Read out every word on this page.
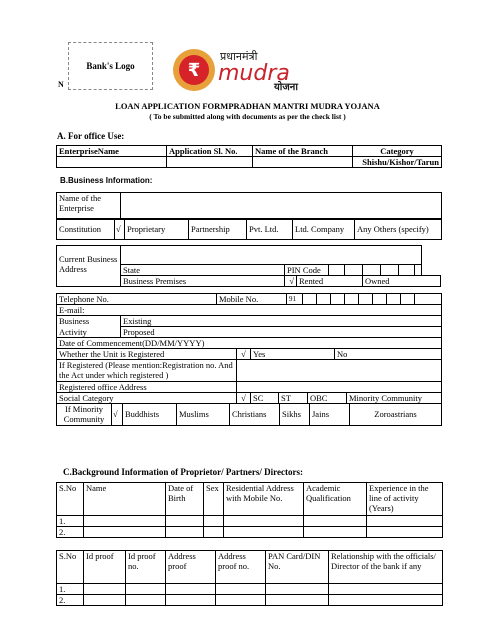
Bank's Logo
N
₹
प्रधानमंत्री
mudra
योजना
LOAN APPLICATION FORMPRADHAN MANTRI MUDRA YOJANA
( To be submitted along with documents as per the check list )
A. For office Use:
EnterpriseName	Application Sl. No.	Name of the Branch	Category
			Shishu/Kishor/Tarun
B.Business Information:
Name of the Enterprise	
Constitution	√	Proprietary	Partnership	Pvt. Ltd.	Ltd. Company	Any Others (specify)
Current Business Address									
	State	PIN Code							
	Business Premises	√	Rented			Owned			
Telephone No.	Mobile No.	91									
E-mail:	
Business	Existing
Activity	Proposed
Date of Commencement(DD/MM/YYYY)			
Whether the Unit is Registered	√	Yes	No
If Registered (Please mention:Registration no. And the Act under which registered )			
Registered office Address			
Social Category	√	SC	ST	OBC	Minority Community
If Minority Community	√	Buddhists	Muslims	Christians	Sikhs	Jains	Zoroastrians
C.Background Information of Proprietor/ Partners/ Directors:
S.No	Name	Date of Birth	Sex	Residential Address with Mobile No.	Academic Qualification	Experience in the line of activity (Years)
1.						
2.						
S.No	Id proof	Id proof no.	Address proof	Address proof no.	PAN Card/DIN No.	Relationship with the officials/ Director of the bank if any
1.						
2.						
